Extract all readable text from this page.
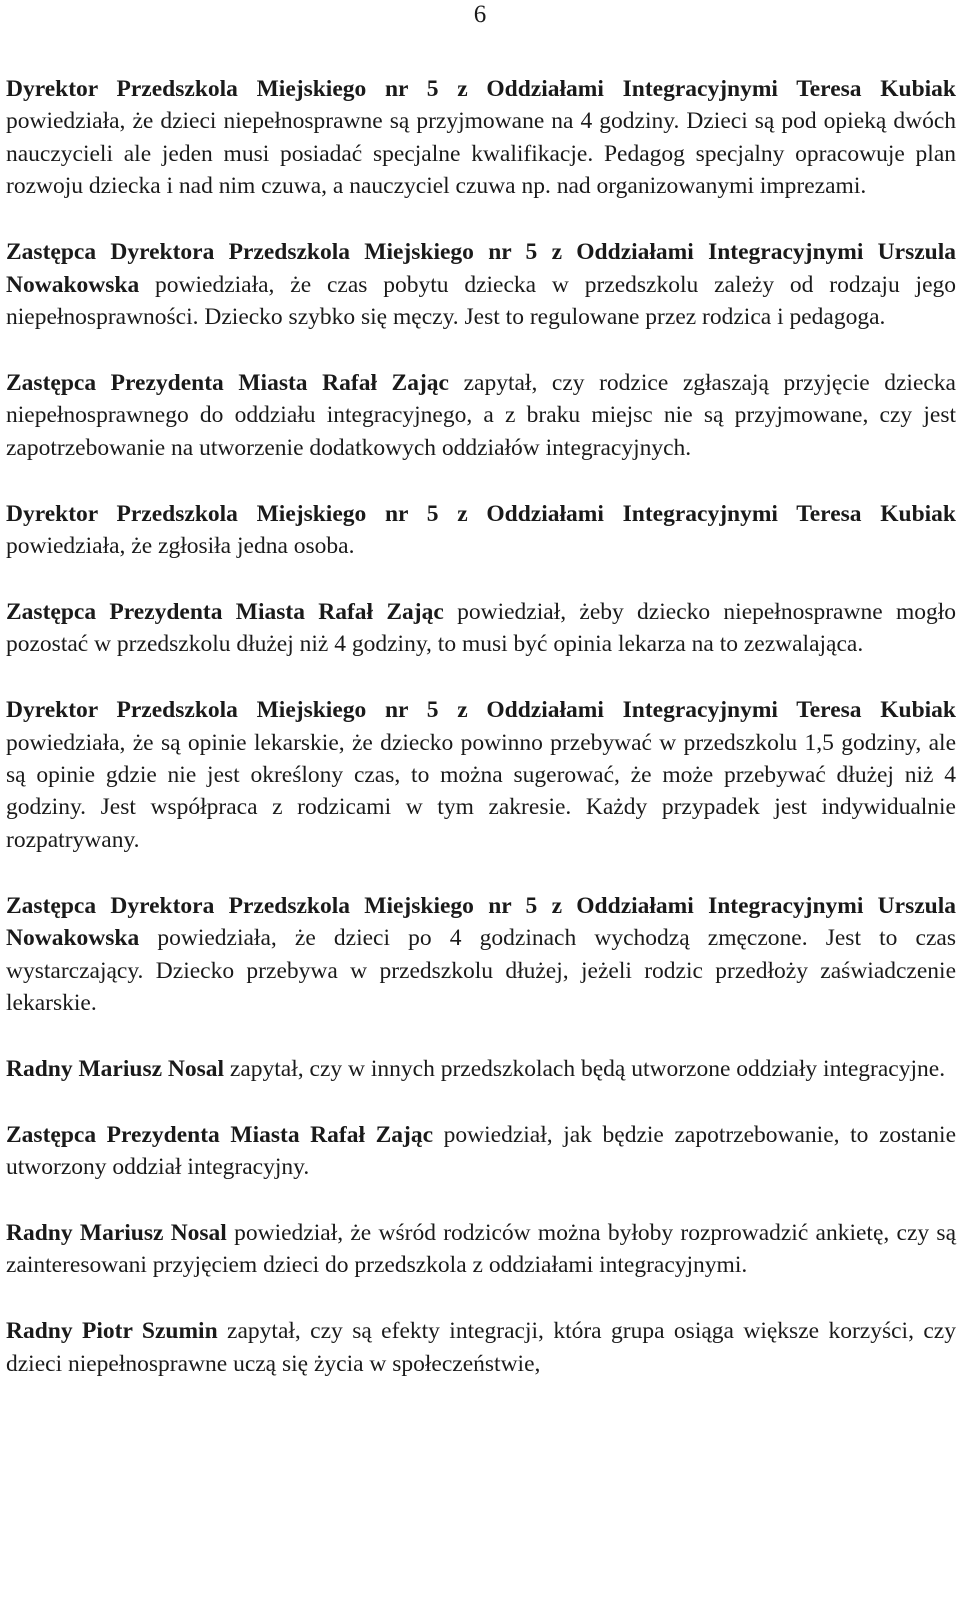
6

Dyrektor Przedszkola Miejskiego nr 5 z Oddziałami Integracyjnymi Teresa Kubiak powiedziała, że dzieci niepełnosprawne są przyjmowane na 4 godziny. Dzieci są pod opieką dwóch nauczycieli ale jeden musi posiadać specjalne kwalifikacje. Pedagog specjalny opracowuje plan rozwoju dziecka i nad nim czuwa, a nauczyciel czuwa np. nad organizowanymi imprezami.

Zastępca Dyrektora Przedszkola Miejskiego nr 5 z Oddziałami Integracyjnymi Urszula Nowakowska powiedziała, że czas pobytu dziecka w przedszkolu zależy od rodzaju jego niepełnosprawności. Dziecko szybko się męczy. Jest to regulowane przez rodzica i pedagoga.

Zastępca Prezydenta Miasta Rafał Zając zapytał, czy rodzice zgłaszają przyjęcie dziecka niepełnosprawnego do oddziału integracyjnego, a z braku miejsc nie są przyjmowane, czy jest zapotrzebowanie na utworzenie dodatkowych oddziałów integracyjnych.

Dyrektor Przedszkola Miejskiego nr 5 z Oddziałami Integracyjnymi Teresa Kubiak powiedziała, że zgłosiła jedna osoba.

Zastępca Prezydenta Miasta Rafał Zając powiedział, żeby dziecko niepełnosprawne mogło pozostać w przedszkolu dłużej niż 4 godziny, to musi być opinia lekarza na to zezwalająca.

Dyrektor Przedszkola Miejskiego nr 5 z Oddziałami Integracyjnymi Teresa Kubiak powiedziała, że są opinie lekarskie, że dziecko powinno przebywać w przedszkolu 1,5 godziny, ale są opinie gdzie nie jest określony czas, to można sugerować, że może przebywać dłużej niż 4 godziny. Jest współpraca z rodzicami w tym zakresie. Każdy przypadek jest indywidualnie rozpatrywany.

Zastępca Dyrektora Przedszkola Miejskiego nr 5 z Oddziałami Integracyjnymi Urszula Nowakowska powiedziała, że dzieci po 4 godzinach wychodzą zmęczone. Jest to czas wystarczający. Dziecko przebywa w przedszkolu dłużej, jeżeli rodzic przedłoży zaświadczenie lekarskie.

Radny Mariusz Nosal zapytał, czy w innych przedszkolach będą utworzone oddziały integracyjne.

Zastępca Prezydenta Miasta Rafał Zając powiedział, jak będzie zapotrzebowanie, to zostanie utworzony oddział integracyjny.

Radny Mariusz Nosal powiedział, że wśród rodziców można byłoby rozprowadzić ankietę, czy są zainteresowani przyjęciem dzieci do przedszkola z oddziałami integracyjnymi.

Radny Piotr Szumin zapytał, czy są efekty integracji, która grupa osiąga większe korzyści, czy dzieci niepełnosprawne uczą się życia w społeczeństwie,
